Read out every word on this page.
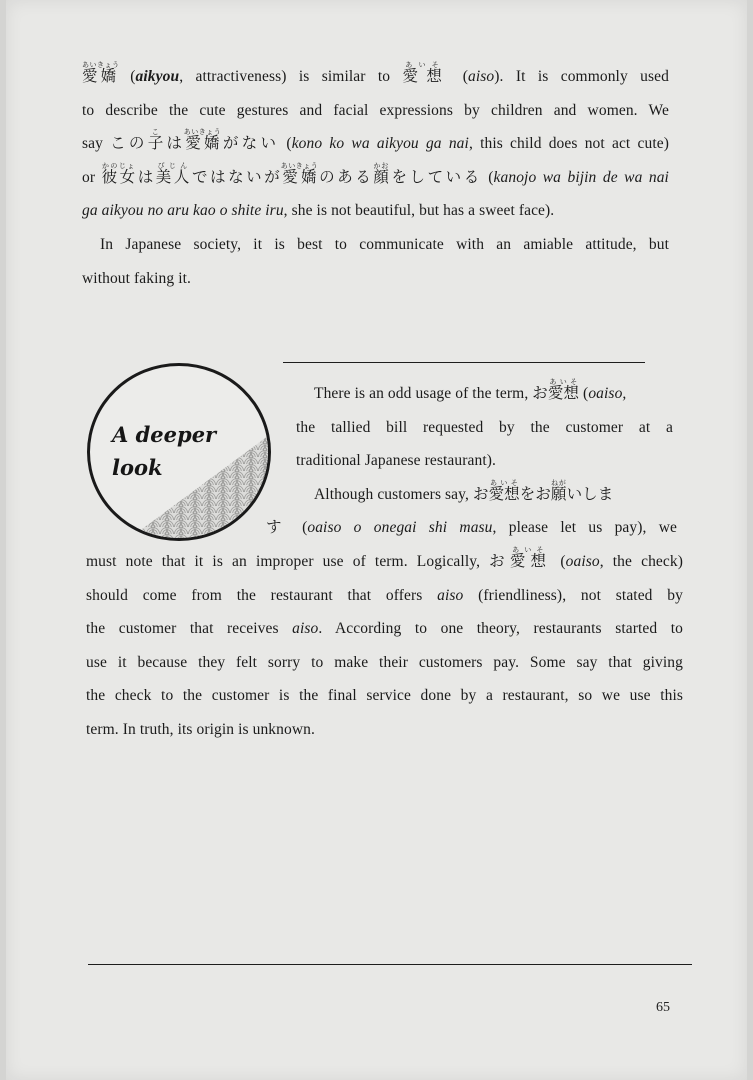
愛嬌あいきょう (aikyou, attractiveness) is similar to 愛想あいそ (aiso). It is commonly used
to describe the cute gestures and facial expressions by children and women. We
say この子こは愛嬌あいきょうがない (kono ko wa aikyou ga nai, this child does not act cute)
or 彼女かのじょは美人びじんではないが愛嬌あいきょうのある顔かおをしている (kanojo wa bijin de wa nai
ga aikyou no aru kao o shite iru, she is not beautiful, but has a sweet face).
In Japanese society, it is best to communicate with an amiable attitude, but
without faking it.
A deeper
look
There is an odd usage of the term, お愛想あいそ (oaiso,
the tallied bill requested by the customer at a
traditional Japanese restaurant).
Although customers say, お愛想あいそをお願ねがいしま
す (oaiso o onegai shi masu, please let us pay), we
must note that it is an improper use of term. Logically, お愛想あいそ (oaiso, the check)
should come from the restaurant that offers aiso (friendliness), not stated by
the customer that receives aiso. According to one theory, restaurants started to
use it because they felt sorry to make their customers pay. Some say that giving
the check to the customer is the final service done by a restaurant, so we use this
term. In truth, its origin is unknown.
65
